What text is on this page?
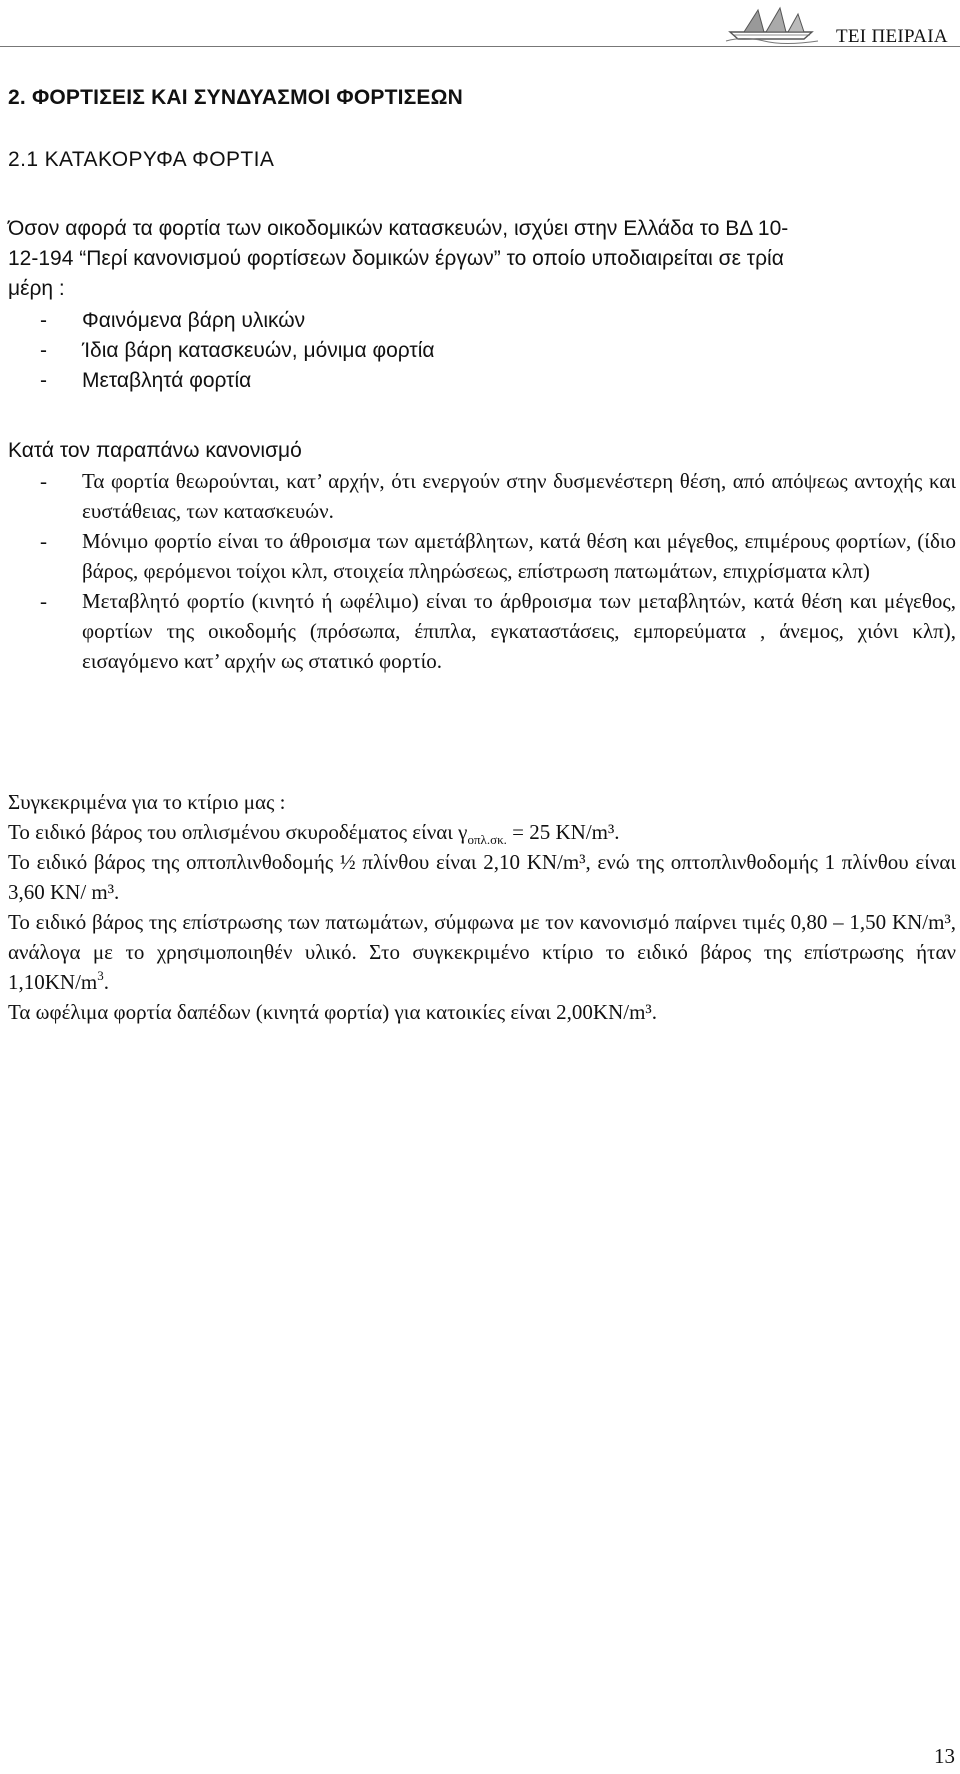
ΤΕΙ ΠΕΙΡΑΙΑ
2. ΦΟΡΤΙΣΕΙΣ ΚΑΙ ΣΥΝΔΥΑΣΜΟΙ ΦΟΡΤΙΣΕΩΝ
2.1 ΚΑΤΑΚΟΡΥΦΑ ΦΟΡΤΙΑ
Όσον αφορά τα φορτία των οικοδομικών κατασκευών, ισχύει στην Ελλάδα το ΒΔ 10-
12-194 “Περί κανονισμού φορτίσεων δομικών έργων” το οποίο υποδιαιρείται σε τρία
μέρη :
-	Φαινόμενα βάρη υλικών
-	Ίδια βάρη κατασκευών, μόνιμα φορτία
-	Μεταβλητά φορτία
Κατά τον παραπάνω κανονισμό
-	Τα φορτία θεωρούνται, κατ’ αρχήν, ότι ενεργούν στην δυσμενέστερη θέση, από απόψεως αντοχής και ευστάθειας, των κατασκευών.
-	Μόνιμο φορτίο είναι το άθροισμα των αμετάβλητων, κατά θέση και μέγεθος, επιμέρους φορτίων, (ίδιο βάρος, φερόμενοι τοίχοι κλπ, στοιχεία πληρώσεως, επίστρωση πατωμάτων, επιχρίσματα κλπ)
-	Μεταβλητό φορτίο (κινητό ή ωφέλιμο) είναι το άρθροισμα των μεταβλητών, κατά θέση και μέγεθος, φορτίων της οικοδομής (πρόσωπα, έπιπλα, εγκαταστάσεις, εμπορεύματα , άνεμος, χιόνι κλπ), εισαγόμενο κατ’ αρχήν ως στατικό φορτίο.
Συγκεκριμένα για το κτίριο μας :
Το ειδικό βάρος του οπλισμένου σκυροδέματος είναι $\gamma_{o\pi\lambda.\sigma\kappa.} = 25$ KN/m³.
Το ειδικό βάρος της οπτοπλινθοδομής ½ πλίνθου είναι 2,10 KN/m³, ενώ της οπτοπλινθοδομής 1 πλίνθου είναι 3,60 KN/ m³.
Το ειδικό βάρος της επίστρωσης των πατωμάτων, σύμφωνα με τον κανονισμό παίρνει τιμές 0,80 – 1,50 KN/m³, ανάλογα με το χρησιμοποιηθέν υλικό. Στο συγκεκριμένο κτίριο το ειδικό βάρος της επίστρωσης ήταν $1,10KN/m^3$.
Τα ωφέλιμα φορτία δαπέδων (κινητά φορτία) για κατοικίες είναι 2,00KN/m³.
13
